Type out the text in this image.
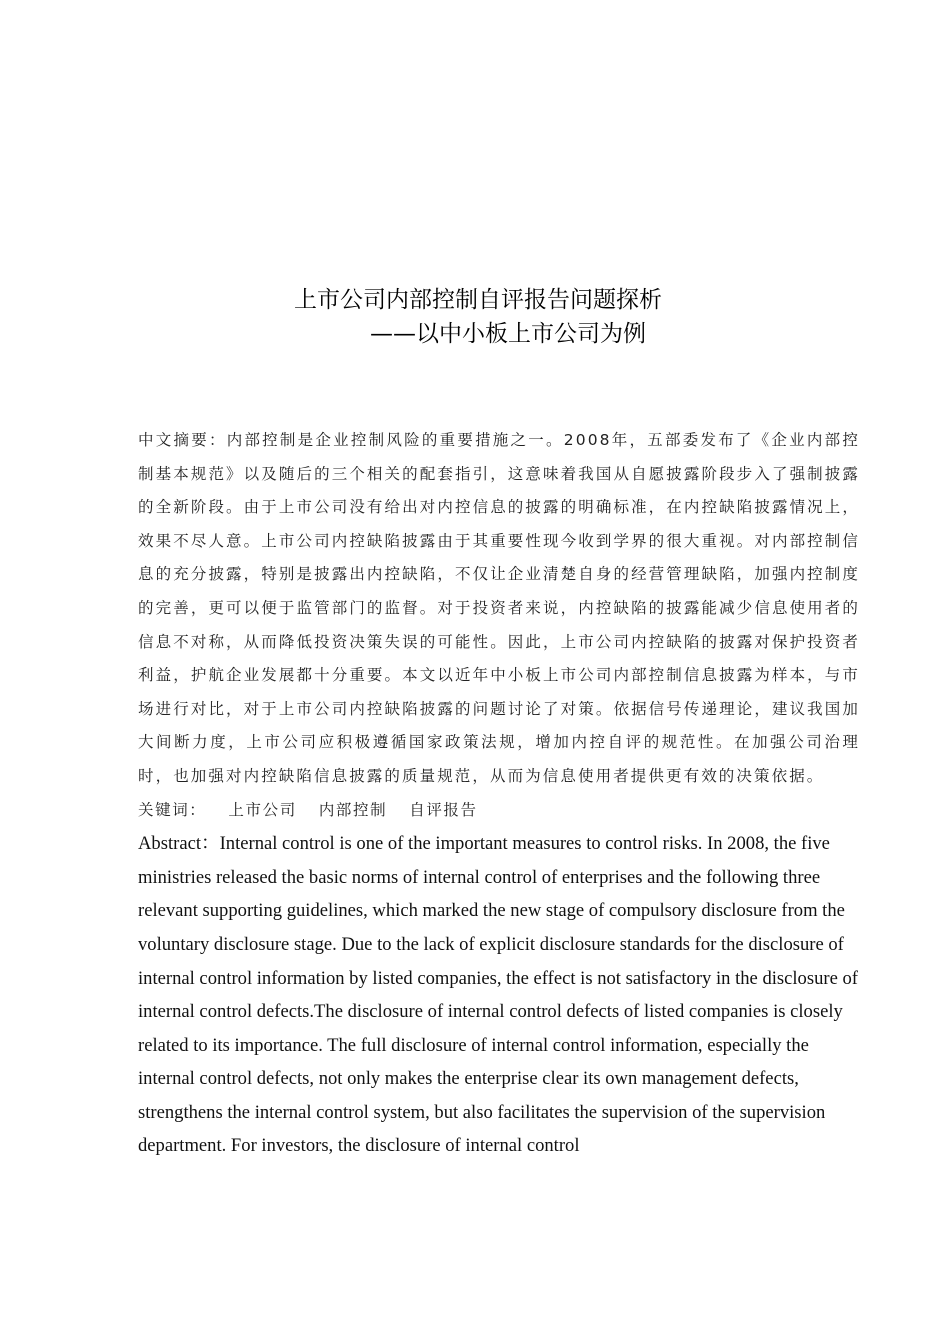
上市公司内部控制自评报告问题探析
——以中小板上市公司为例

中文摘要：内部控制是企业控制风险的重要措施之一。2008年，五部委发布了《企业内部控制基本规范》以及随后的三个相关的配套指引，这意味着我国从自愿披露阶段步入了强制披露的全新阶段。由于上市公司没有给出对内控信息的披露的明确标准，在内控缺陷披露情况上，效果不尽人意。上市公司内控缺陷披露由于其重要性现今收到学界的很大重视。对内部控制信息的充分披露，特别是披露出内控缺陷，不仅让企业清楚自身的经营管理缺陷，加强内控制度的完善，更可以便于监管部门的监督。对于投资者来说，内控缺陷的披露能减少信息使用者的信息不对称，从而降低投资决策失误的可能性。因此，上市公司内控缺陷的披露对保护投资者利益，护航企业发展都十分重要。本文以近年中小板上市公司内部控制信息披露为样本，与市场进行对比，对于上市公司内控缺陷披露的问题讨论了对策。依据信号传递理论，建议我国加大间断力度，上市公司应积极遵循国家政策法规，增加内控自评的规范性。在加强公司治理时，也加强对内控缺陷信息披露的质量规范，从而为信息使用者提供更有效的决策依据。

关键词： 上市公司 内部控制 自评报告

Abstract：Internal control is one of the important measures to control risks. In 2008, the five ministries released the basic norms of internal control of enterprises and the following three relevant supporting guidelines, which marked the new stage of compulsory disclosure from the voluntary disclosure stage. Due to the lack of explicit disclosure standards for the disclosure of internal control information by listed companies, the effect is not satisfactory in the disclosure of internal control defects.The disclosure of internal control defects of listed companies is closely related to its importance. The full disclosure of internal control information, especially the internal control defects, not only makes the enterprise clear its own management defects, strengthens the internal control system, but also facilitates the supervision of the supervision department. For investors, the disclosure of internal control
